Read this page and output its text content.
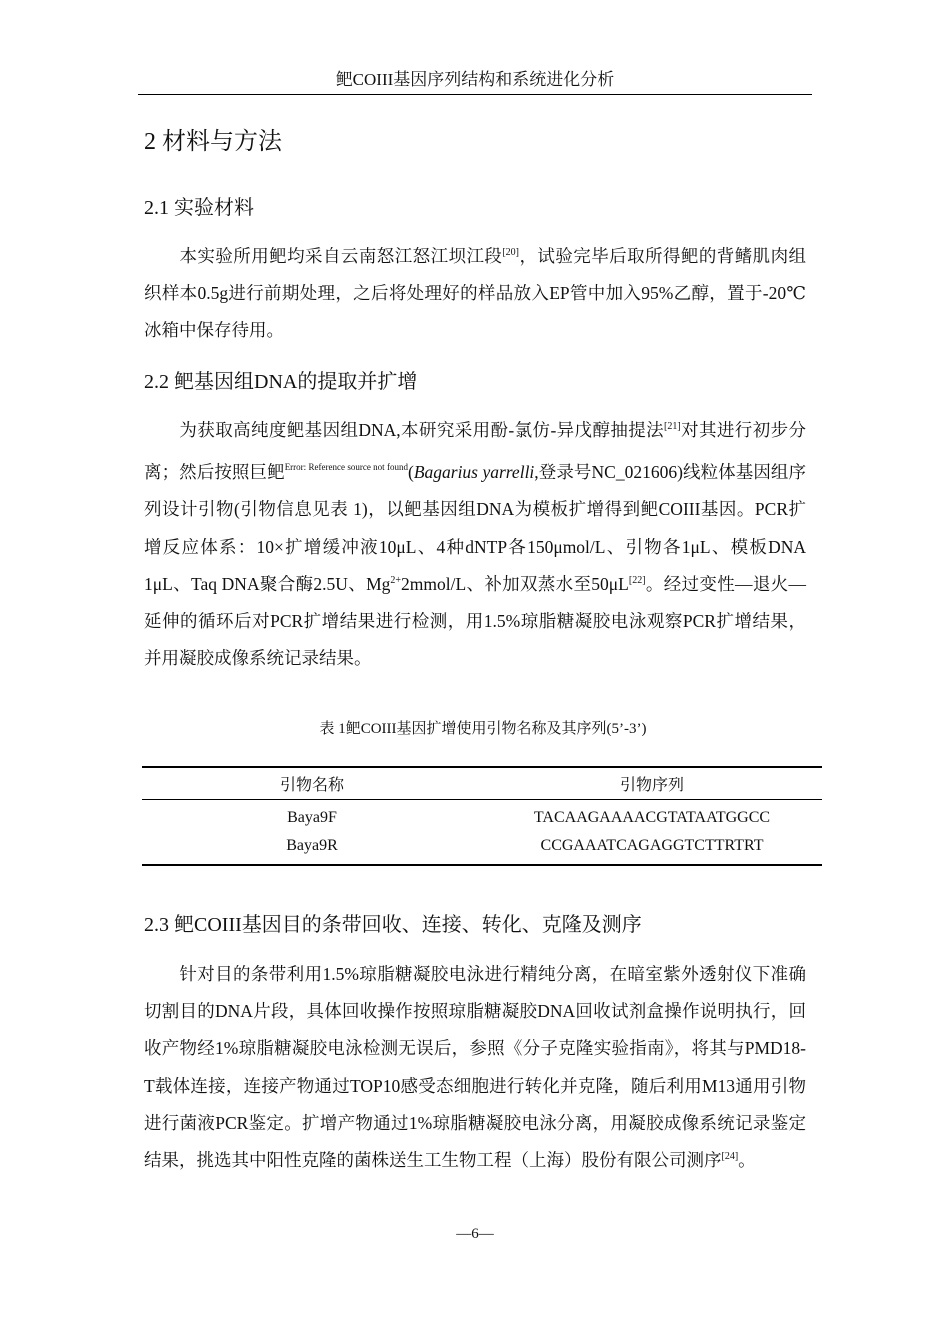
鲃COIII基因序列结构和系统进化分析
2 材料与方法
2.1 实验材料

本实验所用鲃均采自云南怒江怒江坝江段[20]，试验完毕后取所得鲃的背鳍肌肉组织样本0.5g进行前期处理，之后将处理好的样品放入EP管中加入95%乙醇，置于-20℃冰箱中保存待用。

2.2 鲃基因组DNA的提取并扩增

为获取高纯度鲃基因组DNA,本研究采用酚-氯仿-异戊醇抽提法[21]对其进行初步分离；然后按照巨鲃$^{Error: Reference source not found}$(Bagarius yarrelli,登录号NC_021606)线粒体基因组序列设计引物(引物信息见表 1)，以鲃基因组DNA为模板扩增得到鲃COIII基因。PCR扩增反应体系：10×扩增缓冲液10μL、4种dNTP各150μmol/L、引物各1μL、模板DNA 1μL、Taq DNA聚合酶2.5U、$Mg^{2+}2mmol/L$、补加双蒸水至50μL[22]。经过变性—退火—延伸的循环后对PCR扩增结果进行检测，用1.5%琼脂糖凝胶电泳观察PCR扩增结果，并用凝胶成像系统记录结果。

表 1鲃COIII基因扩增使用引物名称及其序列(5’-3’)
引物名称	引物序列
Baya9F	TACAAGAAAACGTATAATGGCC
Baya9R	CCGAAATCAGAGGTCTTRTRT
2.3 鲃COIII基因目的条带回收、连接、转化、克隆及测序

针对目的条带利用1.5%琼脂糖凝胶电泳进行精纯分离，在暗室紫外透射仪下准确切割目的DNA片段，具体回收操作按照琼脂糖凝胶DNA回收试剂盒操作说明执行，回收产物经1%琼脂糖凝胶电泳检测无误后，参照《分子克隆实验指南》，将其与PMD18-T载体连接，连接产物通过TOP10感受态细胞进行转化并克隆，随后利用M13通用引物进行菌液PCR鉴定。扩增产物通过1%琼脂糖凝胶电泳分离，用凝胶成像系统记录鉴定结果，挑选其中阳性克隆的菌株送生工生物工程（上海）股份有限公司测序[24]。

—6—
